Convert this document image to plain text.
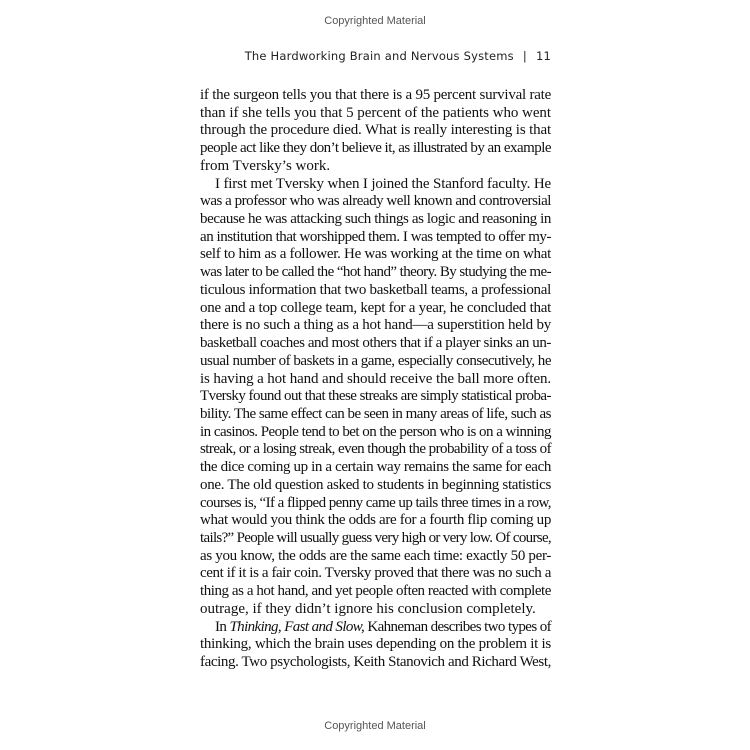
Copyrighted Material
The Hardworking Brain and Nervous Systems | 11
if the surgeon tells you that there is a 95 percent survival rate
than if she tells you that 5 percent of the patients who went
through the procedure died. What is really interesting is that
people act like they don’t believe it, as illustrated by an example
from Tversky’s work.
I first met Tversky when I joined the Stanford faculty. He
was a professor who was already well known and controversial
because he was attacking such things as logic and reasoning in
an institution that worshipped them. I was tempted to offer my-
self to him as a follower. He was working at the time on what
was later to be called the “hot hand” theory. By studying the me-
ticulous information that two basketball teams, a professional
one and a top college team, kept for a year, he concluded that
there is no such a thing as a hot hand—a superstition held by
basketball coaches and most others that if a player sinks an un-
usual number of baskets in a game, especially consecutively, he
is having a hot hand and should receive the ball more often.
Tversky found out that these streaks are simply statistical proba-
bility. The same effect can be seen in many areas of life, such as
in casinos. People tend to bet on the person who is on a winning
streak, or a losing streak, even though the probability of a toss of
the dice coming up in a certain way remains the same for each
one. The old question asked to students in beginning statistics
courses is, “If a flipped penny came up tails three times in a row,
what would you think the odds are for a fourth flip coming up
tails?” People will usually guess very high or very low. Of course,
as you know, the odds are the same each time: exactly 50 per-
cent if it is a fair coin. Tversky proved that there was no such a
thing as a hot hand, and yet people often reacted with complete
outrage, if they didn’t ignore his conclusion completely.
In Thinking, Fast and Slow, Kahneman describes two types of
thinking, which the brain uses depending on the problem it is
facing. Two psychologists, Keith Stanovich and Richard West,
Copyrighted Material
